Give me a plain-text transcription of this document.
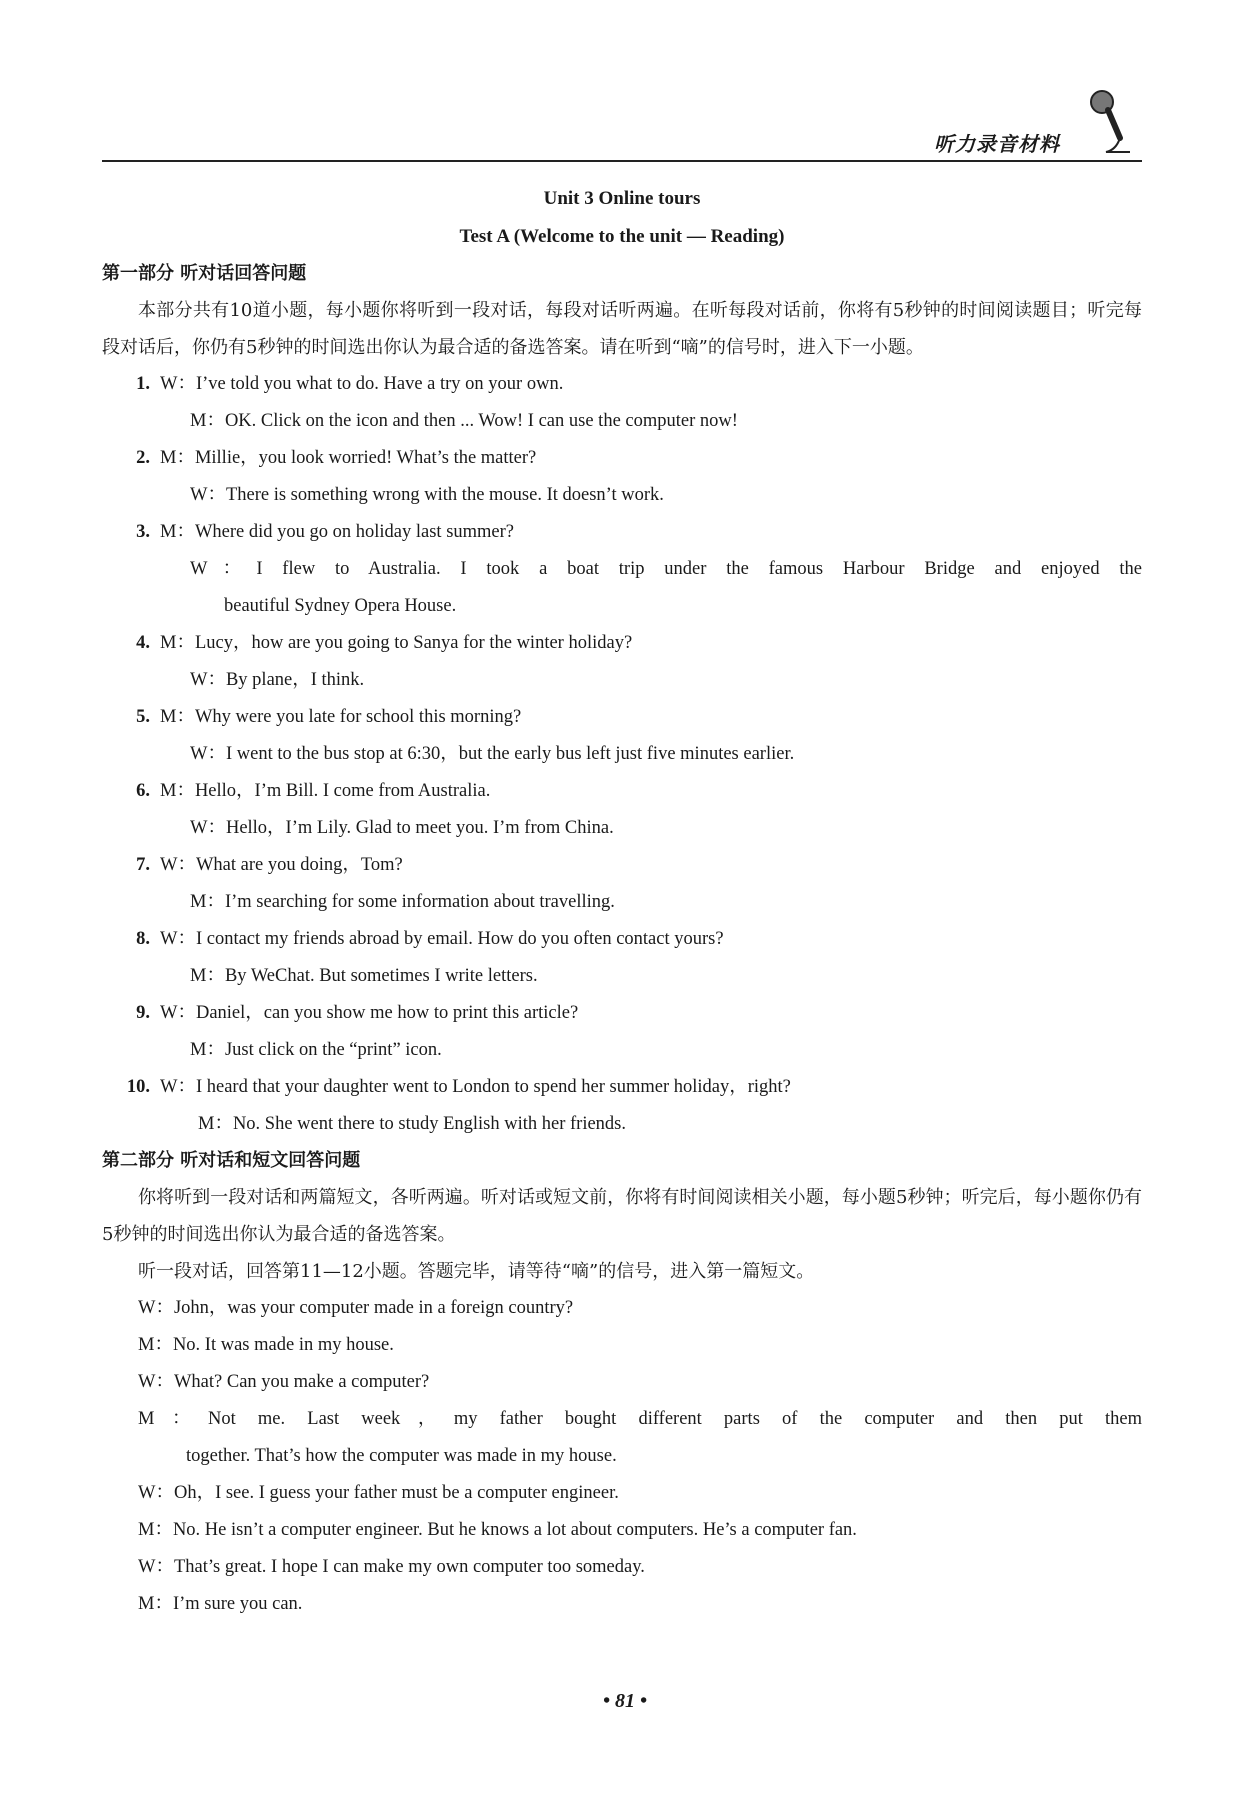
听力录音材料
Unit 3 Online tours
Test A (Welcome to the unit — Reading)
第一部分 听对话回答问题
本部分共有10道小题，每小题你将听到一段对话，每段对话听两遍。在听每段对话前，你将有5秒钟的时间阅读题目；听完每段对话后，你仍有5秒钟的时间选出你认为最合适的备选答案。请在听到“嘀”的信号时，进入下一小题。
1. W：I’ve told you what to do. Have a try on your own.
M：OK. Click on the icon and then ... Wow! I can use the computer now!
2. M：Millie，you look worried! What’s the matter?
W：There is something wrong with the mouse. It doesn’t work.
3. M：Where did you go on holiday last summer?
W：I flew to Australia. I took a boat trip under the famous Harbour Bridge and enjoyed the
beautiful Sydney Opera House.
4. M：Lucy，how are you going to Sanya for the winter holiday?
W：By plane，I think.
5. M：Why were you late for school this morning?
W：I went to the bus stop at 6:30，but the early bus left just five minutes earlier.
6. M：Hello，I’m Bill. I come from Australia.
W：Hello，I’m Lily. Glad to meet you. I’m from China.
7. W：What are you doing，Tom?
M：I’m searching for some information about travelling.
8. W：I contact my friends abroad by email. How do you often contact yours?
M：By WeChat. But sometimes I write letters.
9. W：Daniel，can you show me how to print this article?
M：Just click on the “print” icon.
10. W：I heard that your daughter went to London to spend her summer holiday，right?
M：No. She went there to study English with her friends.
第二部分 听对话和短文回答问题
你将听到一段对话和两篇短文，各听两遍。听对话或短文前，你将有时间阅读相关小题，每小题5秒钟；听完后，每小题你仍有5秒钟的时间选出你认为最合适的备选答案。
听一段对话，回答第11—12小题。答题完毕，请等待“嘀”的信号，进入第一篇短文。
W：John，was your computer made in a foreign country?
M：No. It was made in my house.
W：What? Can you make a computer?
M：Not me. Last week，my father bought different parts of the computer and then put them
together. That’s how the computer was made in my house.
W：Oh，I see. I guess your father must be a computer engineer.
M：No. He isn’t a computer engineer. But he knows a lot about computers. He’s a computer fan.
W：That’s great. I hope I can make my own computer too someday.
M：I’m sure you can.
• 81 •
